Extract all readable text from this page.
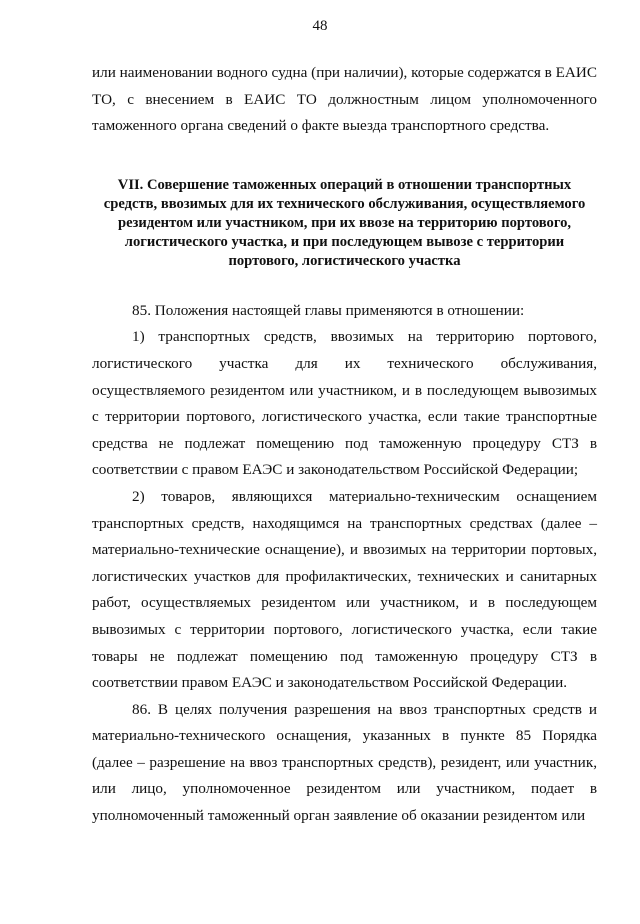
48

или наименовании водного судна (при наличии), которые содержатся в ЕАИС ТО, с внесением в ЕАИС ТО должностным лицом уполномоченного таможенного органа сведений о факте выезда транспортного средства.

VII. Совершение таможенных операций в отношении транспортных
средств, ввозимых для их технического обслуживания, осуществляемого
резидентом или участником, при их ввозе на территорию портового,
логистического участка, и при последующем вывозе с территории
портового, логистического участка

85. Положения настоящей главы применяются в отношении:

1) транспортных средств, ввозимых на территорию портового, логистического участка для их технического обслуживания, осуществляемого резидентом или участником, и в последующем вывозимых с территории портового, логистического участка, если такие транспортные средства не подлежат помещению под таможенную процедуру СТЗ в соответствии с правом ЕАЭС и законодательством Российской Федерации;

2) товаров, являющихся материально-техническим оснащением транспортных средств, находящимся на транспортных средствах (далее – материально-технические оснащение), и ввозимых на территории портовых, логистических участков для профилактических, технических и санитарных работ, осуществляемых резидентом или участником, и в последующем вывозимых с территории портового, логистического участка, если такие товары не подлежат помещению под таможенную процедуру СТЗ в соответствии правом ЕАЭС и законодательством Российской Федерации.

86. В целях получения разрешения на ввоз транспортных средств и материально-технического оснащения, указанных в пункте 85 Порядка (далее – разрешение на ввоз транспортных средств), резидент, или участник, или лицо, уполномоченное резидентом или участником, подает в уполномоченный таможенный орган заявление об оказании резидентом или
